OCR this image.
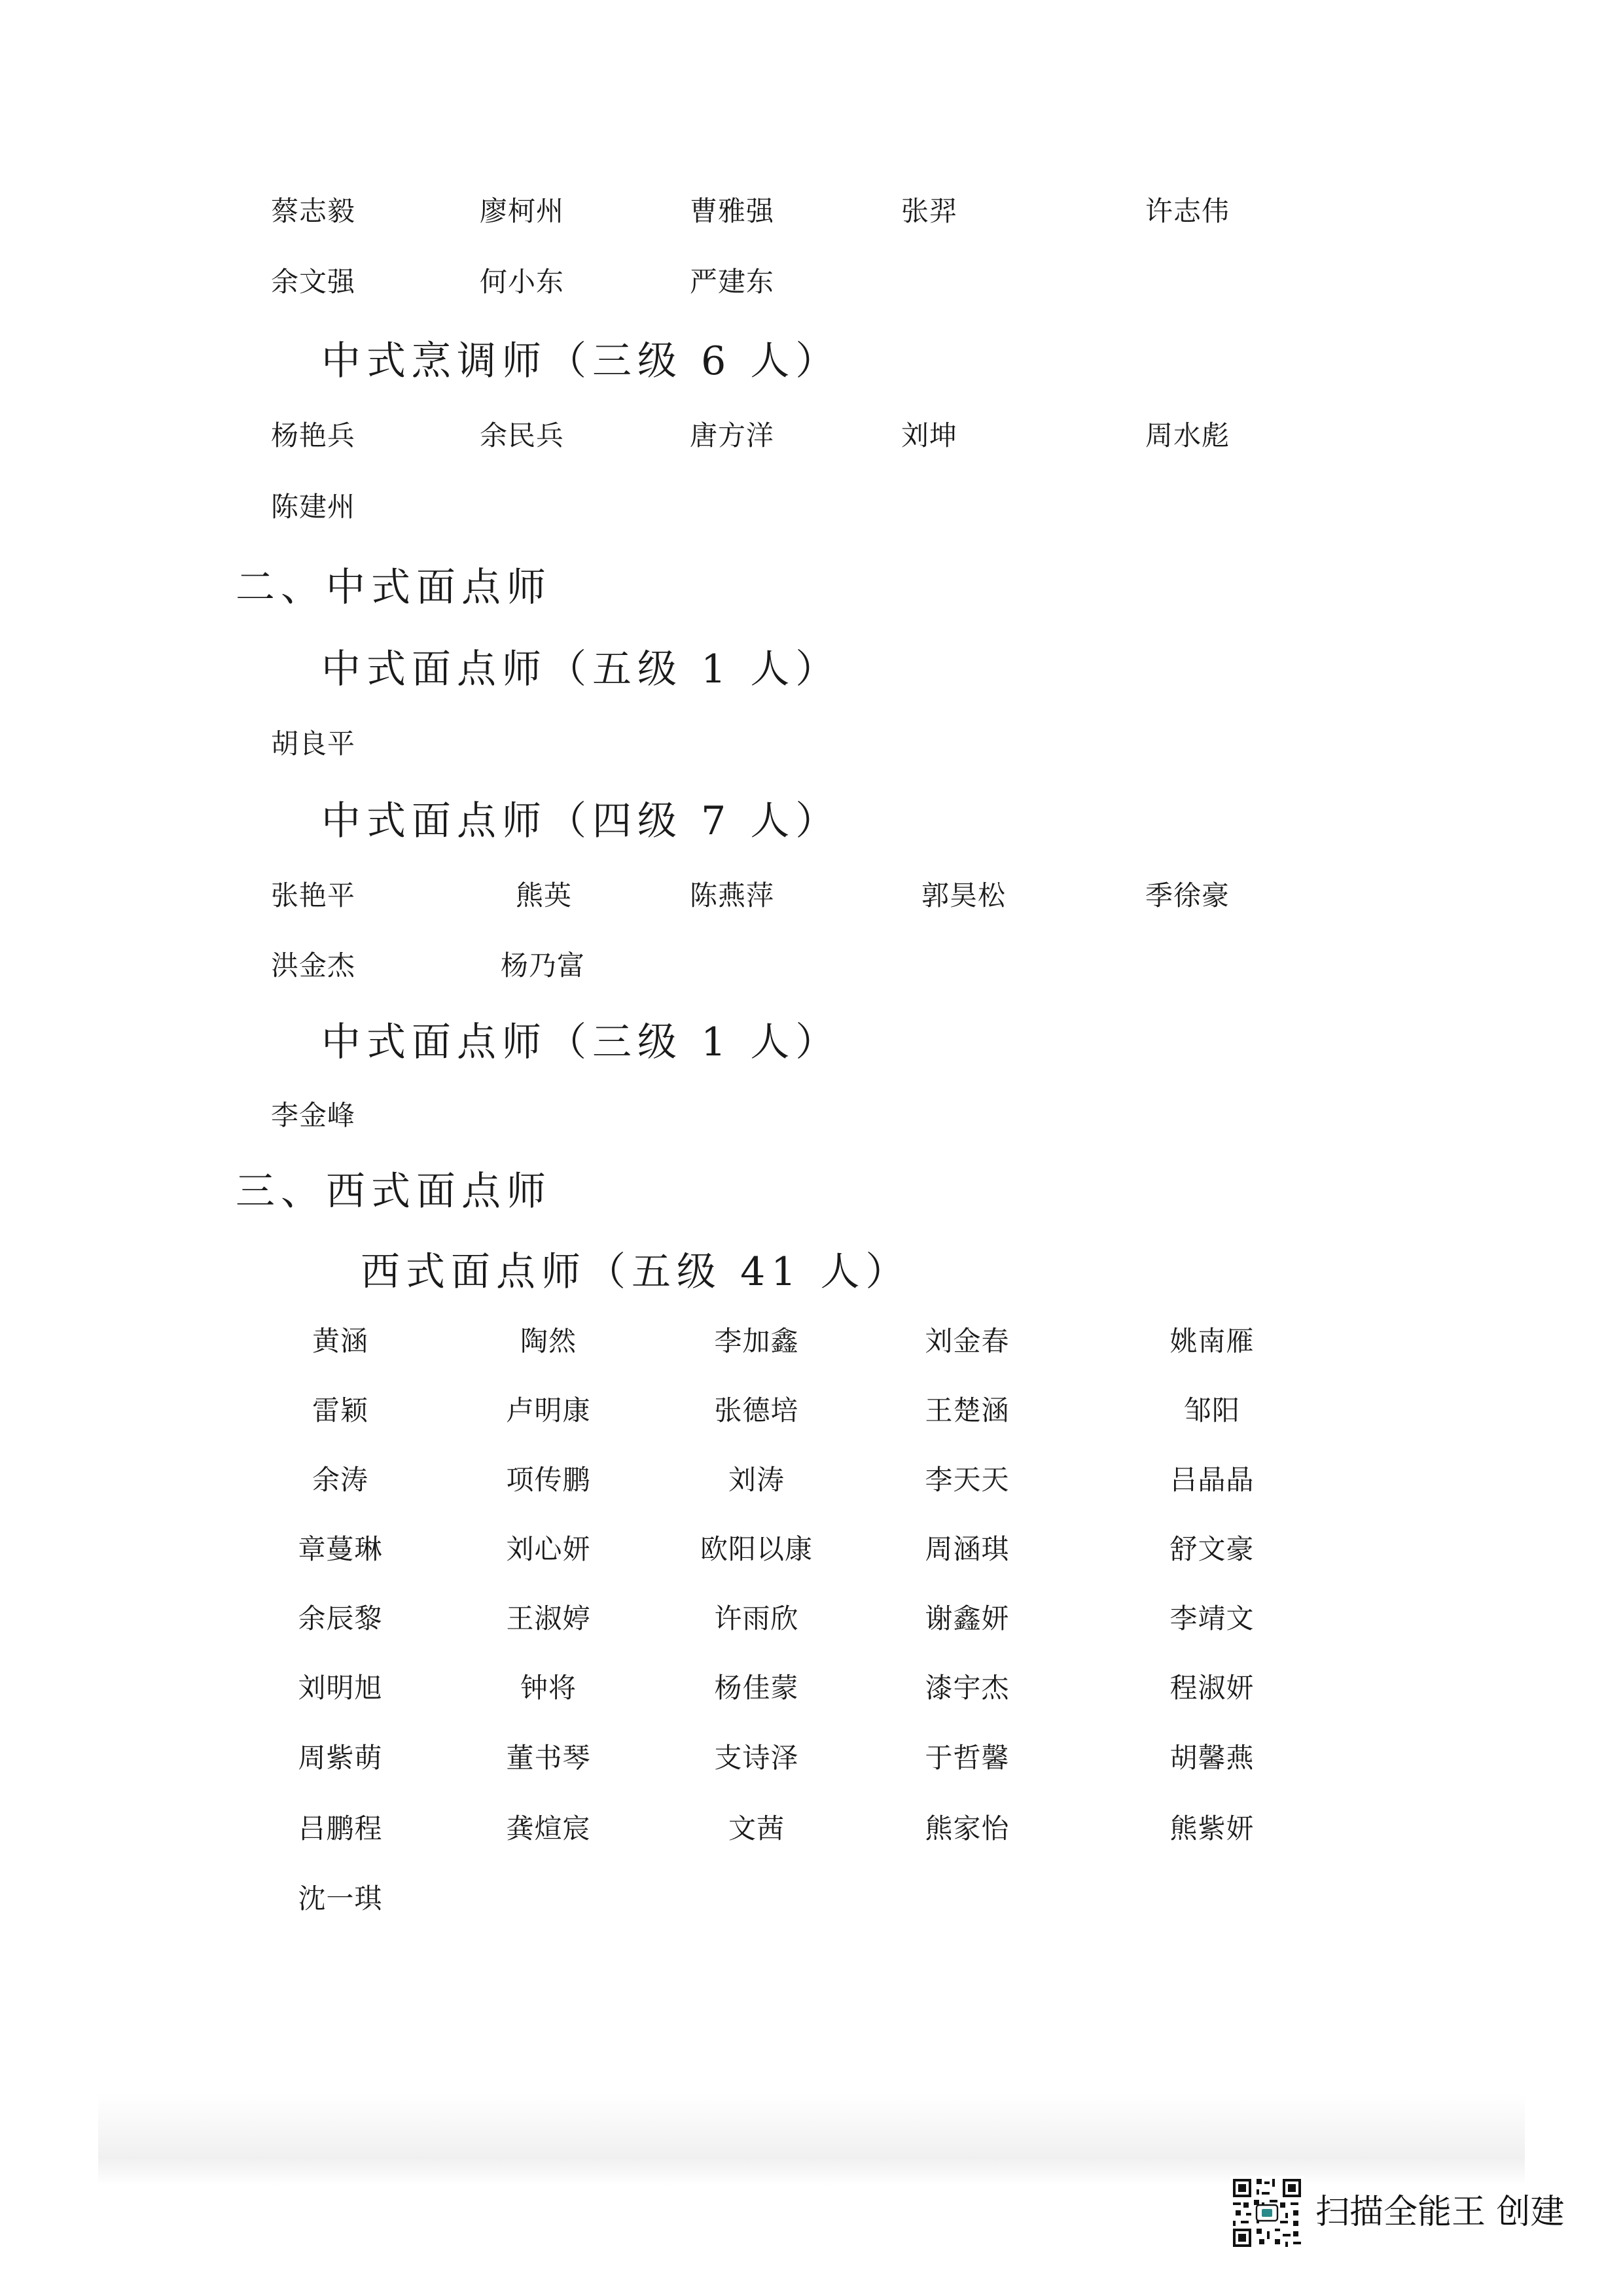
蔡志毅	廖柯州	曹雅强	张羿	许志伟
余文强	何小东	严建东
中式烹调师（三级 6 人）
杨艳兵	余民兵	唐方洋	刘坤	周水彪
陈建州
二、中式面点师
中式面点师（五级 1 人）
胡良平
中式面点师（四级 7 人）
张艳平	熊英	陈燕萍	郭昊松	季徐豪
洪金杰	杨乃富
中式面点师（三级 1 人）
李金峰
三、西式面点师
西式面点师（五级 41 人）
黄涵	陶然	李加鑫	刘金春	姚南雁
雷颖	卢明康	张德培	王楚涵	邹阳
余涛	项传鹏	刘涛	李天天	吕晶晶
章蔓琳	刘心妍	欧阳以康	周涵琪	舒文豪
余辰黎	王淑婷	许雨欣	谢鑫妍	李靖文
刘明旭	钟将	杨佳蒙	漆宇杰	程淑妍
周紫萌	董书琴	支诗泽	于哲馨	胡馨燕
吕鹏程	龚煊宸	文茜	熊家怡	熊紫妍
沈一琪
扫描全能王 创建
